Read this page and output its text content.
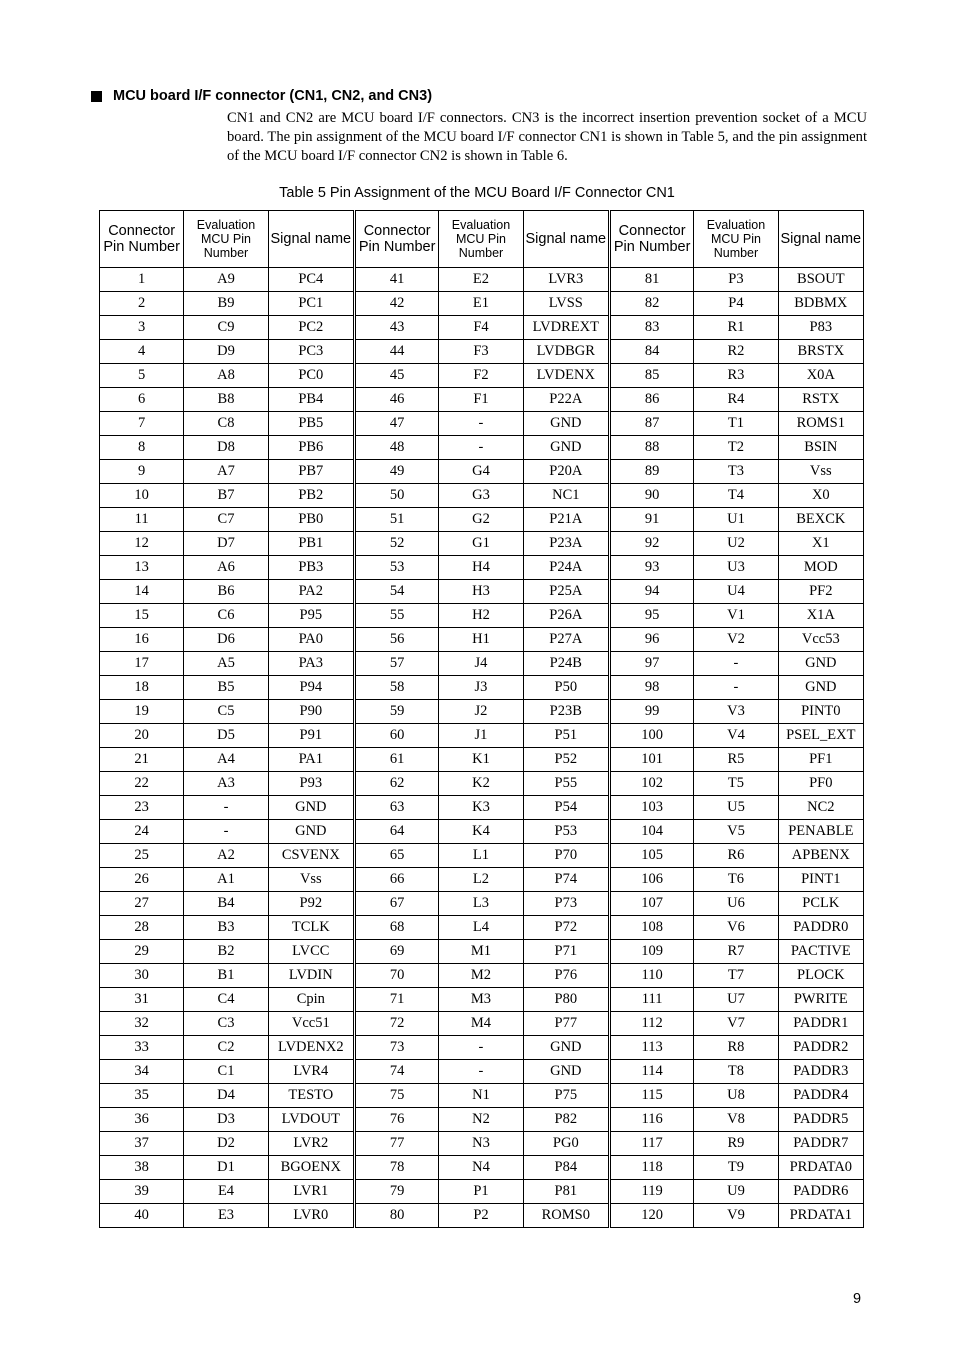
MCU board I/F connector (CN1, CN2, and CN3)
CN1 and CN2 are MCU board I/F connectors. CN3 is the incorrect insertion prevention socket of a MCU board. The pin assignment of the MCU board I/F connector CN1 is shown in Table 5, and the pin assignment of the MCU board I/F connector CN2 is shown in Table 6.
Table 5 Pin Assignment of the MCU Board I/F Connector CN1
Connector Pin Number	Evaluation MCU Pin Number	Signal name	Connector Pin Number	Evaluation MCU Pin Number	Signal name	Connector Pin Number	Evaluation MCU Pin Number	Signal name
1	A9	PC4	41	E2	LVR3	81	P3	BSOUT
2	B9	PC1	42	E1	LVSS	82	P4	BDBMX
3	C9	PC2	43	F4	LVDREXT	83	R1	P83
4	D9	PC3	44	F3	LVDBGR	84	R2	BRSTX
5	A8	PC0	45	F2	LVDENX	85	R3	X0A
6	B8	PB4	46	F1	P22A	86	R4	RSTX
7	C8	PB5	47	-	GND	87	T1	ROMS1
8	D8	PB6	48	-	GND	88	T2	BSIN
9	A7	PB7	49	G4	P20A	89	T3	Vss
10	B7	PB2	50	G3	NC1	90	T4	X0
11	C7	PB0	51	G2	P21A	91	U1	BEXCK
12	D7	PB1	52	G1	P23A	92	U2	X1
13	A6	PB3	53	H4	P24A	93	U3	MOD
14	B6	PA2	54	H3	P25A	94	U4	PF2
15	C6	P95	55	H2	P26A	95	V1	X1A
16	D6	PA0	56	H1	P27A	96	V2	Vcc53
17	A5	PA3	57	J4	P24B	97	-	GND
18	B5	P94	58	J3	P50	98	-	GND
19	C5	P90	59	J2	P23B	99	V3	PINT0
20	D5	P91	60	J1	P51	100	V4	PSEL_EXT
21	A4	PA1	61	K1	P52	101	R5	PF1
22	A3	P93	62	K2	P55	102	T5	PF0
23	-	GND	63	K3	P54	103	U5	NC2
24	-	GND	64	K4	P53	104	V5	PENABLE
25	A2	CSVENX	65	L1	P70	105	R6	APBENX
26	A1	Vss	66	L2	P74	106	T6	PINT1
27	B4	P92	67	L3	P73	107	U6	PCLK
28	B3	TCLK	68	L4	P72	108	V6	PADDR0
29	B2	LVCC	69	M1	P71	109	R7	PACTIVE
30	B1	LVDIN	70	M2	P76	110	T7	PLOCK
31	C4	Cpin	71	M3	P80	111	U7	PWRITE
32	C3	Vcc51	72	M4	P77	112	V7	PADDR1
33	C2	LVDENX2	73	-	GND	113	R8	PADDR2
34	C1	LVR4	74	-	GND	114	T8	PADDR3
35	D4	TESTO	75	N1	P75	115	U8	PADDR4
36	D3	LVDOUT	76	N2	P82	116	V8	PADDR5
37	D2	LVR2	77	N3	PG0	117	R9	PADDR7
38	D1	BGOENX	78	N4	P84	118	T9	PRDATA0
39	E4	LVR1	79	P1	P81	119	U9	PADDR6
40	E3	LVR0	80	P2	ROMS0	120	V9	PRDATA1
9
